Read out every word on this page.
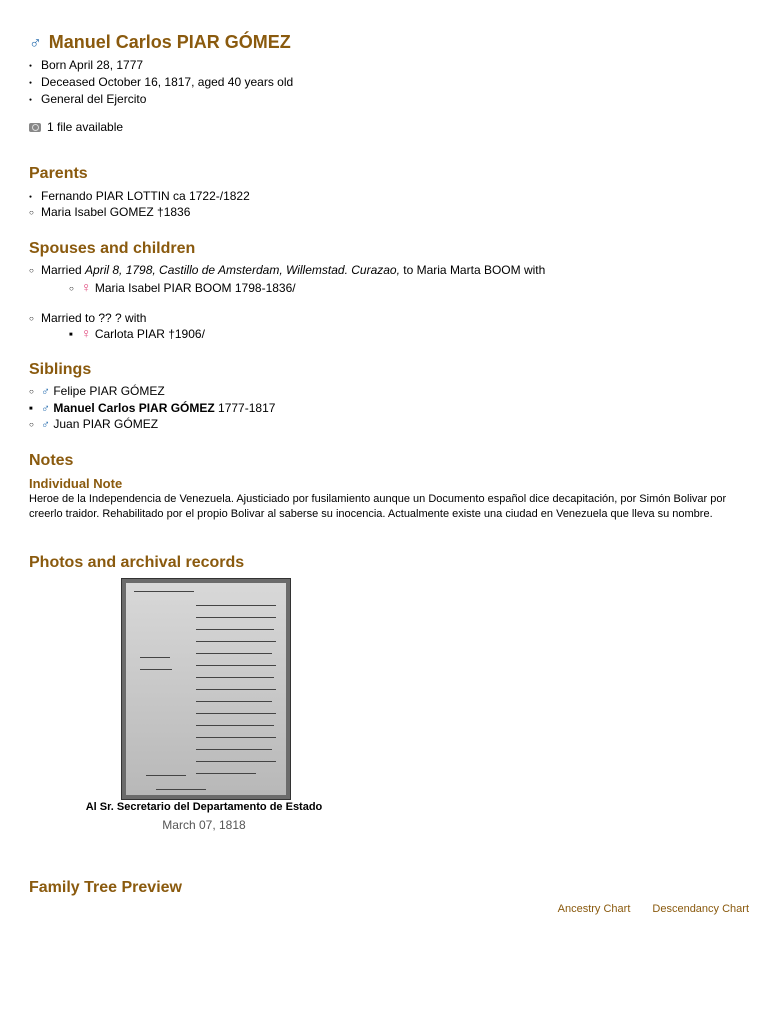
♂ Manuel Carlos PIAR GÓMEZ
●Born April 28, 1777
●Deceased October 16, 1817, aged 40 years old
●General del Ejercito
1 file available
Parents
●Fernando PIAR LOTTIN ca 1722-/1822
○Maria Isabel GOMEZ †1836
Spouses and children
○Married April 8, 1798, Castillo de Amsterdam, Willemstad. Curazao, to Maria Marta BOOM with
○♀ Maria Isabel PIAR BOOM 1798-1836/
○Married to ?? ? with
■♀ Carlota PIAR †1906/
Siblings
○♂ Felipe PIAR GÓMEZ
■♂ Manuel Carlos PIAR GÓMEZ 1777-1817
○♂ Juan PIAR GÓMEZ
Notes
Individual Note
Heroe de la Independencia de Venezuela. Ajusticiado por fusilamiento aunque un Documento español dice decapitación, por Simón Bolivar por creerlo traidor. Rehabilitado por el propio Bolivar al saberse su inocencia. Actualmente existe una ciudad en Venezuela que lleva su nombre.
Photos and archival records
Al Sr. Secretario del Departamento de Estado
March 07, 1818
Family Tree Preview
Ancestry Chart Descendancy Chart
